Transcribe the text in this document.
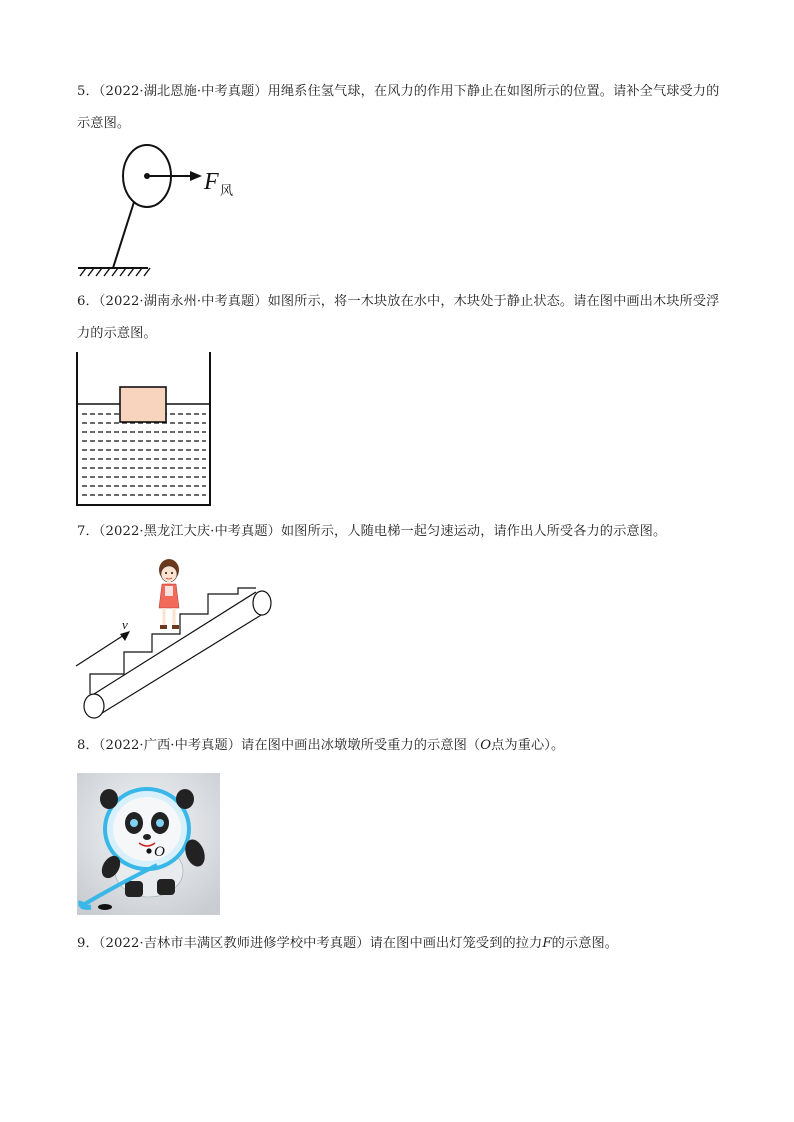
5．（2022·湖北恩施·中考真题）用绳系住氢气球，在风力的作用下静止在如图所示的位置。请补全气球受力的示意图。
F 风
6．（2022·湖南永州·中考真题）如图所示，将一木块放在水中，木块处于静止状态。请在图中画出木块所受浮力的示意图。
7．（2022·黑龙江大庆·中考真题）如图所示，人随电梯一起匀速运动，请作出人所受各力的示意图。
v
8．（2022·广西·中考真题）请在图中画出冰墩墩所受重力的示意图（O点为重心）。
O
9．（2022·吉林市丰满区教师进修学校中考真题）请在图中画出灯笼受到的拉力F的示意图。
